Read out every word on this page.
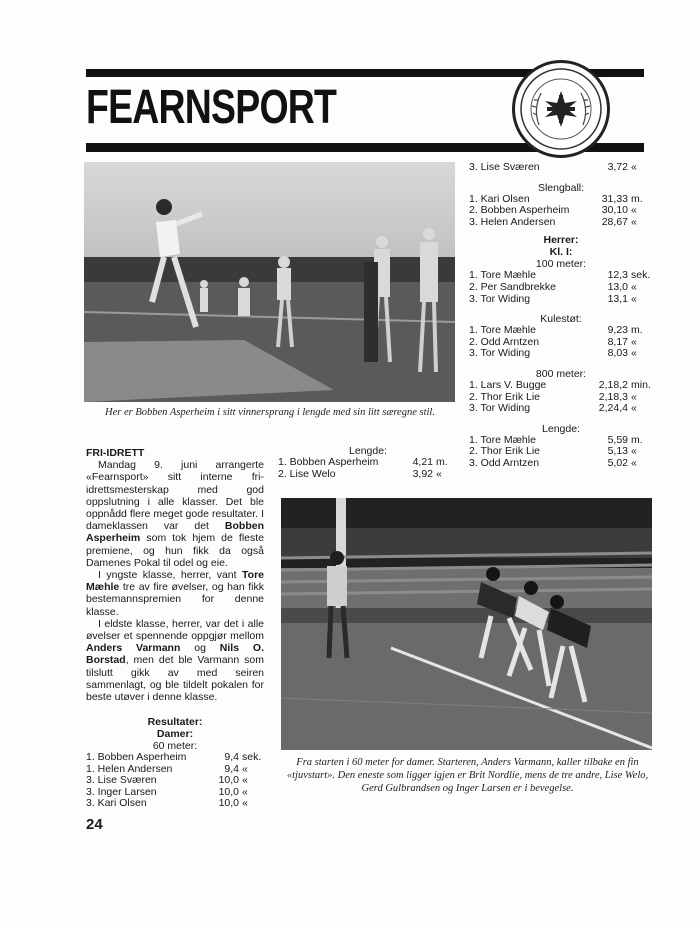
FEARNSPORT
Her er Bobben Asperheim i sitt vinnersprang i lengde med sin litt særegne stil.
FRI-IDRETT

Mandag 9. juni arrangerte «Fearnsport» sitt interne fri-idrettsmesterskap med god oppslutning i alle klasser. Det ble oppnådd flere meget gode resultater. I dameklassen var det Bobben Asperheim som tok hjem de fleste premiene, og hun fikk da også Damenes Pokal til odel og eie.

I yngste klasse, herrer, vant Tore Mæhle tre av fire øvelser, og han fikk bestemannspremien for denne klasse.

I eldste klasse, herrer, var det i alle øvelser et spennende oppgjør mellom Anders Varmann og Nils O. Borstad, men det ble Varmann som tilslutt gikk av med seiren sammenlagt, og ble tildelt pokalen for beste utøver i denne klasse.

Resultater:
Damer:
60 meter:
1. Bobben Asperheim	9,4 sek.
1. Helen Andersen	9,4 «
3. Lise Sværen	10,0 «
3. Inger Larsen	10,0 «
3. Kari Olsen	10,0 «
Lengde:
1. Bobben Asperheim	4,21 m.
2. Lise Welo	3,92 «
3. Lise Sværen	3,72 «
Slengball:
1. Kari Olsen	31,33 m.
2. Bobben Asperheim	30,10 «
3. Helen Andersen	28,67 «
Herrer:
Kl. I:
100 meter:
1. Tore Mæhle	12,3 sek.
2. Per Sandbrekke	13,0 «
3. Tor Widing	13,1 «
Kulestøt:
1. Tore Mæhle	9,23 m.
2. Odd Arntzen	8,17 «
3. Tor Widing	8,03 «
800 meter:
1. Lars V. Bugge	2,18,2 min.
2. Thor Erik Lie	2,18,3 «
3. Tor Widing	2,24,4 «
Lengde:
1. Tore Mæhle	5,59 m.
2. Thor Erik Lie	5,13 «
3. Odd Arntzen	5,02 «
Fra starten i 60 meter for damer. Starteren, Anders Varmann, kaller tilbake en fin «tjuvstart». Den eneste som ligger igjen er Brit Nordlie, mens de tre andre, Lise Welo, Gerd Gulbrandsen og Inger Larsen er i bevegelse.
24
